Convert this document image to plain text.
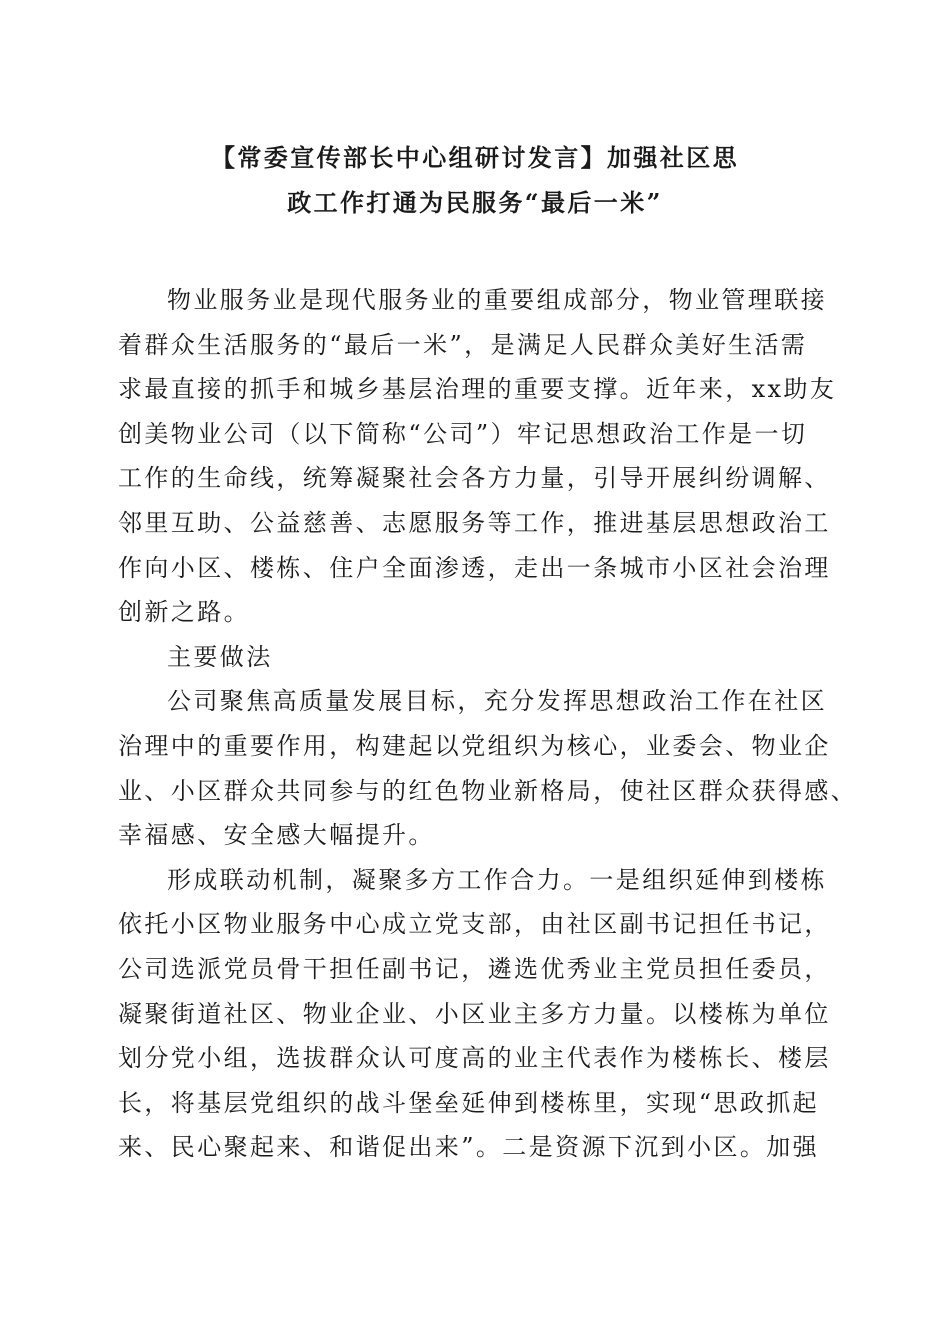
【常委宣传部长中心组研讨发言】加强社区思
政工作打通为民服务“最后一米”
物业服务业是现代服务业的重要组成部分，物业管理联接
着群众生活服务的“最后一米”，是满足人民群众美好生活需
求最直接的抓手和城乡基层治理的重要支撑。近年来，xx助友
创美物业公司（以下简称“公司”）牢记思想政治工作是一切
工作的生命线，统筹凝聚社会各方力量，引导开展纠纷调解、
邻里互助、公益慈善、志愿服务等工作，推进基层思想政治工
作向小区、楼栋、住户全面渗透，走出一条城市小区社会治理
创新之路。
主要做法
公司聚焦高质量发展目标，充分发挥思想政治工作在社区
治理中的重要作用，构建起以党组织为核心，业委会、物业企
业、小区群众共同参与的红色物业新格局，使社区群众获得感、
幸福感、安全感大幅提升。
形成联动机制，凝聚多方工作合力。一是组织延伸到楼栋
依托小区物业服务中心成立党支部，由社区副书记担任书记，
公司选派党员骨干担任副书记，遴选优秀业主党员担任委员，
凝聚街道社区、物业企业、小区业主多方力量。以楼栋为单位
划分党小组，选拔群众认可度高的业主代表作为楼栋长、楼层
长，将基层党组织的战斗堡垒延伸到楼栋里，实现“思政抓起
来、民心聚起来、和谐促出来”。二是资源下沉到小区。加强
